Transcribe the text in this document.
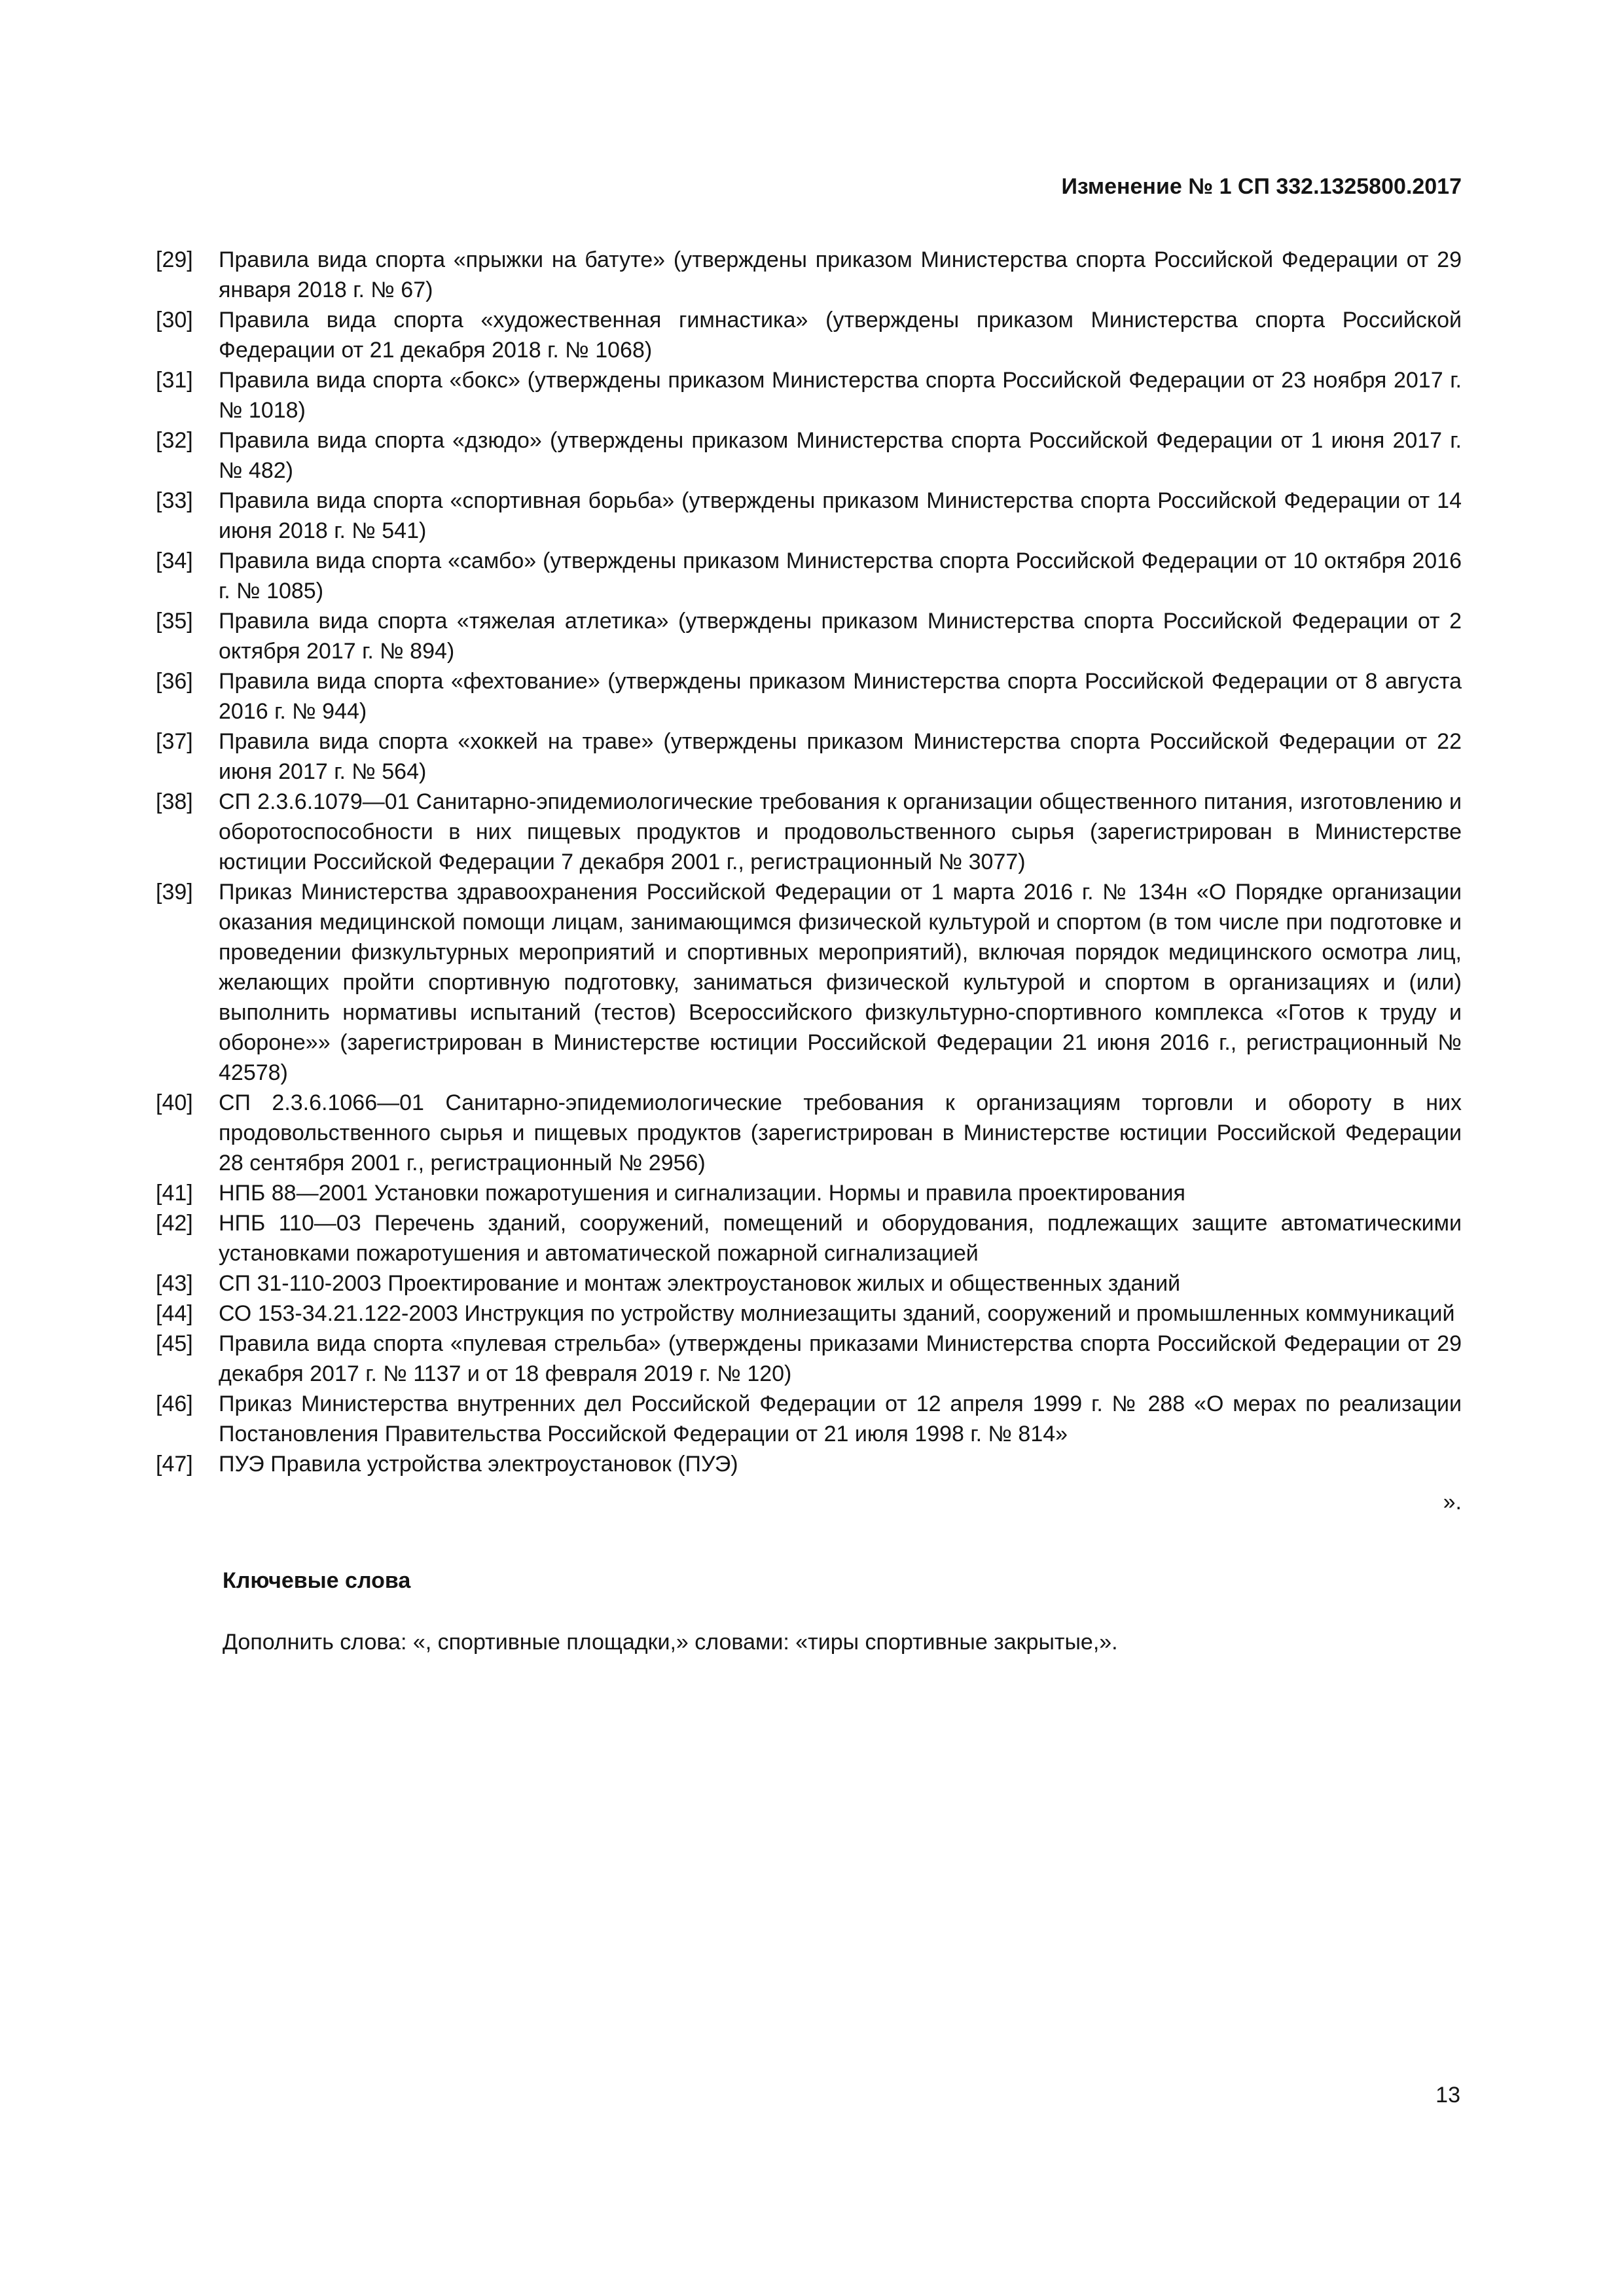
Изменение № 1 СП 332.1325800.2017
[29]	Правила вида спорта «прыжки на батуте» (утверждены приказом Министерства спорта Российской Федерации от 29 января 2018 г. № 67)
[30]	Правила вида спорта «художественная гимнастика» (утверждены приказом Министерства спорта Российской Федерации от 21 декабря 2018 г. № 1068)
[31]	Правила вида спорта «бокс» (утверждены приказом Министерства спорта Российской Федерации от 23 ноября 2017 г. № 1018)
[32]	Правила вида спорта «дзюдо» (утверждены приказом Министерства спорта Российской Федерации от 1 июня 2017 г. № 482)
[33]	Правила вида спорта «спортивная борьба» (утверждены приказом Министерства спорта Российской Федерации от 14 июня 2018 г. № 541)
[34]	Правила вида спорта «самбо» (утверждены приказом Министерства спорта Российской Федерации от 10 октября 2016 г. № 1085)
[35]	Правила вида спорта «тяжелая атлетика» (утверждены приказом Министерства спорта Российской Федерации от 2 октября 2017 г. № 894)
[36]	Правила вида спорта «фехтование» (утверждены приказом Министерства спорта Российской Федерации от 8 августа 2016 г. № 944)
[37]	Правила вида спорта «хоккей на траве» (утверждены приказом Министерства спорта Российской Федерации от 22 июня 2017 г. № 564)
[38]	СП 2.3.6.1079—01 Санитарно-эпидемиологические требования к организации общественного питания, изготовлению и оборотоспособности в них пищевых продуктов и продовольственного сырья (зарегистрирован в Министерстве юстиции Российской Федерации 7 декабря 2001 г., регистрационный № 3077)
[39]	Приказ Министерства здравоохранения Российской Федерации от 1 марта 2016 г. № 134н «О Порядке организации оказания медицинской помощи лицам, занимающимся физической культурой и спортом (в том числе при подготовке и проведении физкультурных мероприятий и спортивных мероприятий), включая порядок медицинского осмотра лиц, желающих пройти спортивную подготовку, заниматься физической культурой и спортом в организациях и (или) выполнить нормативы испытаний (тестов) Всероссийского физкультурно-спортивного комплекса «Готов к труду и обороне»» (зарегистрирован в Министерстве юстиции Российской Федерации 21 июня 2016 г., регистрационный № 42578)
[40]	СП 2.3.6.1066—01 Санитарно-эпидемиологические требования к организациям торговли и обороту в них продовольственного сырья и пищевых продуктов (зарегистрирован в Министерстве юстиции Российской Федерации 28 сентября 2001 г., регистрационный № 2956)
[41]	НПБ 88—2001 Установки пожаротушения и сигнализации. Нормы и правила проектирования
[42]	НПБ 110—03 Перечень зданий, сооружений, помещений и оборудования, подлежащих защите автоматическими установками пожаротушения и автоматической пожарной сигнализацией
[43]	СП 31-110-2003 Проектирование и монтаж электроустановок жилых и общественных зданий
[44]	СО 153-34.21.122-2003 Инструкция по устройству молниезащиты зданий, сооружений и промышленных коммуникаций
[45]	Правила вида спорта «пулевая стрельба» (утверждены приказами Министерства спорта Российской Федерации от 29 декабря 2017 г. № 1137 и от 18 февраля 2019 г. № 120)
[46]	Приказ Министерства внутренних дел Российской Федерации от 12 апреля 1999 г. № 288 «О мерах по реализации Постановления Правительства Российской Федерации от 21 июля 1998 г. № 814»
[47]	ПУЭ Правила устройства электроустановок (ПУЭ)
».
Ключевые слова
Дополнить слова: «, спортивные площадки,» словами: «тиры спортивные закрытые,».
13
